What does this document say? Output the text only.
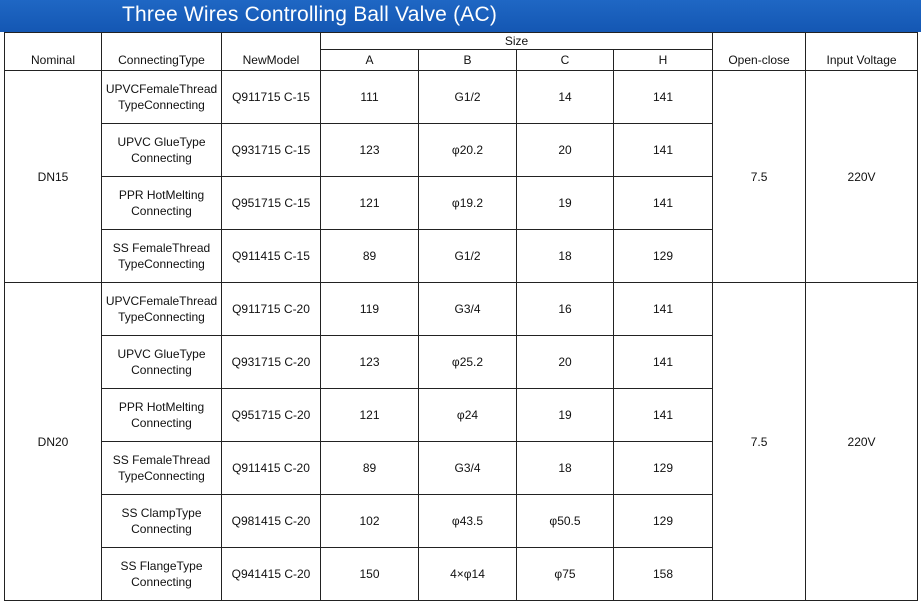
Three Wires Controlling Ball Valve (AC)
Nominal	ConnectingType	NewModel	Size				Open-close	Input Voltage
			A	B	C	H		
DN15	UPVCFemaleThread
TypeConnecting	Q911715 C-15	111	G1/2	14	141	7.5	220V

	UPVC GlueType
Connecting	Q931715 C-15	123	φ20.2	20	141		

	PPR HotMelting
Connecting	Q951715 C-15	121	φ19.2	19	141		

	SS FemaleThread
TypeConnecting	Q911415 C-15	89	G1/2	18	129		
DN20	UPVCFemaleThread
TypeConnecting	Q911715 C-20	119	G3/4	16	141	7.5	220V

	UPVC GlueType
Connecting	Q931715 C-20	123	φ25.2	20	141		

	PPR HotMelting
Connecting	Q951715 C-20	121	φ24	19	141		

	SS FemaleThread
TypeConnecting	Q911415 C-20	89	G3/4	18	129		

	SS ClampType
Connecting	Q981415 C-20	102	φ43.5	φ50.5	129		

	SS FlangeType
Connecting	Q941415 C-20	150	4×φ14	φ75	158		
